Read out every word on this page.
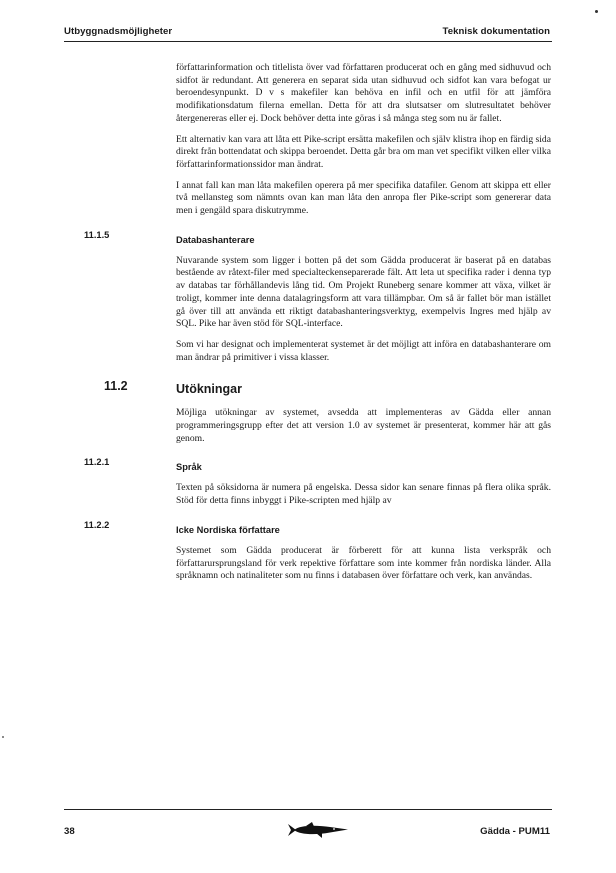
Utbyggnadsmöjligheter	Teknisk dokumentation

författarinformation och titlelista över vad författaren producerat och en gång med sidhuvud och sidfot är redundant. Att generera en separat sida utan sidhuvud och sidfot kan vara befogat ur beroendesynpunkt. D v s makefiler kan behöva en infil och en utfil för att jämföra modifikationsdatum filerna emellan. Detta för att dra slutsatser om slutresultatet behöver återgenereras eller ej. Dock behöver detta inte göras i så många steg som nu är fallet.

Ett alternativ kan vara att låta ett Pike-script ersätta makefilen och själv klistra ihop en färdig sida direkt från bottendatat och skippa beroendet. Detta går bra om man vet specifikt vilken eller vilka författarinformationssidor man ändrat.

I annat fall kan man låta makefilen operera på mer specifika datafiler. Genom att skippa ett eller två mellansteg som nämnts ovan kan man låta den anropa fler Pike-script som genererar data men i gengäld spara diskutrymme.

11.1.5	Databashanterare

Nuvarande system som ligger i botten på det som Gädda producerat är baserat på en databas bestående av råtext-filer med specialteckenseparerade fält. Att leta ut specifika rader i denna typ av databas tar förhållandevis lång tid. Om Projekt Runeberg senare kommer att växa, vilket är troligt, kommer inte denna datalagringsform att vara tillämpbar. Om så är fallet bör man istället gå över till att använda ett riktigt databashanteringsverktyg, exempelvis Ingres med hjälp av SQL. Pike har även stöd för SQL-interface.

Som vi har designat och implementerat systemet är det möjligt att införa en databashanterare om man ändrar på primitiver i vissa klasser.

11.2	Utökningar

Möjliga utökningar av systemet, avsedda att implementeras av Gädda eller annan programmeringsgrupp efter det att version 1.0 av systemet är presenterat, kommer här att gås genom.

11.2.1	Språk

Texten på söksidorna är numera på engelska. Dessa sidor kan senare finnas på flera olika språk. Stöd för detta finns inbyggt i Pike-scripten med hjälp av

11.2.2	Icke Nordiska författare

Systemet som Gädda producerat är förberett för att kunna lista verkspråk och författarursprungsland för verk repektive författare som inte kommer från nordiska länder. Alla språknamn och natinaliteter som nu finns i databasen över författare och verk, kan användas.

38	Gädda - PUM11
